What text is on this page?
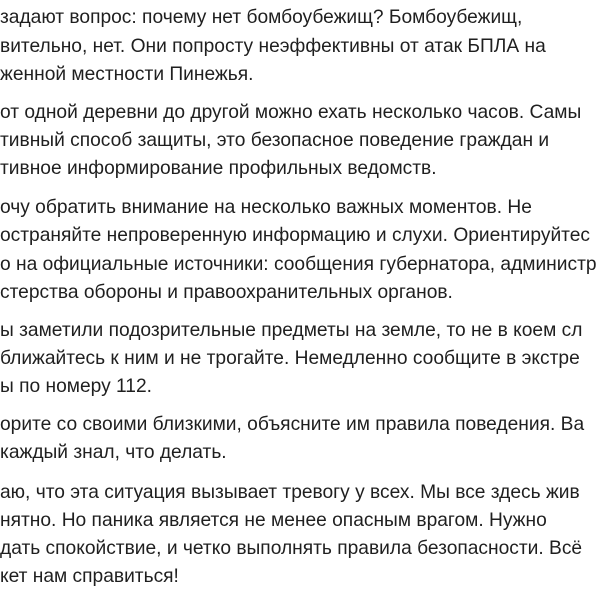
задают вопрос: почему нет бомбоубежищ? Бомбоубежищ,
вительно, нет. Они попросту неэффективны от атак БПЛА на
женной местности Пинежья.
от одной деревни до другой можно ехать несколько часов. Самы
тивный способ защиты, это безопасное поведение граждан и
тивное информирование профильных ведомств.
очу обратить внимание на несколько важных моментов. Не
остраняйте непроверенную информацию и слухи. Ориентируйтес
о на официальные источники: сообщения губернатора, администр
стерства обороны и правоохранительных органов.
ы заметили подозрительные предметы на земле, то не в коем сл
ближайтесь к ним и не трогайте. Немедленно сообщите в экстре
ы по номеру 112.
орите со своими близкими, объясните им правила поведения. Ва
каждый знал, что делать.
аю, что эта ситуация вызывает тревогу у всех. Мы все здесь жив
нятно. Но паника является не менее опасным врагом. Нужно
дать спокойствие, и четко выполнять правила безопасности. Всё
кет нам справиться!
